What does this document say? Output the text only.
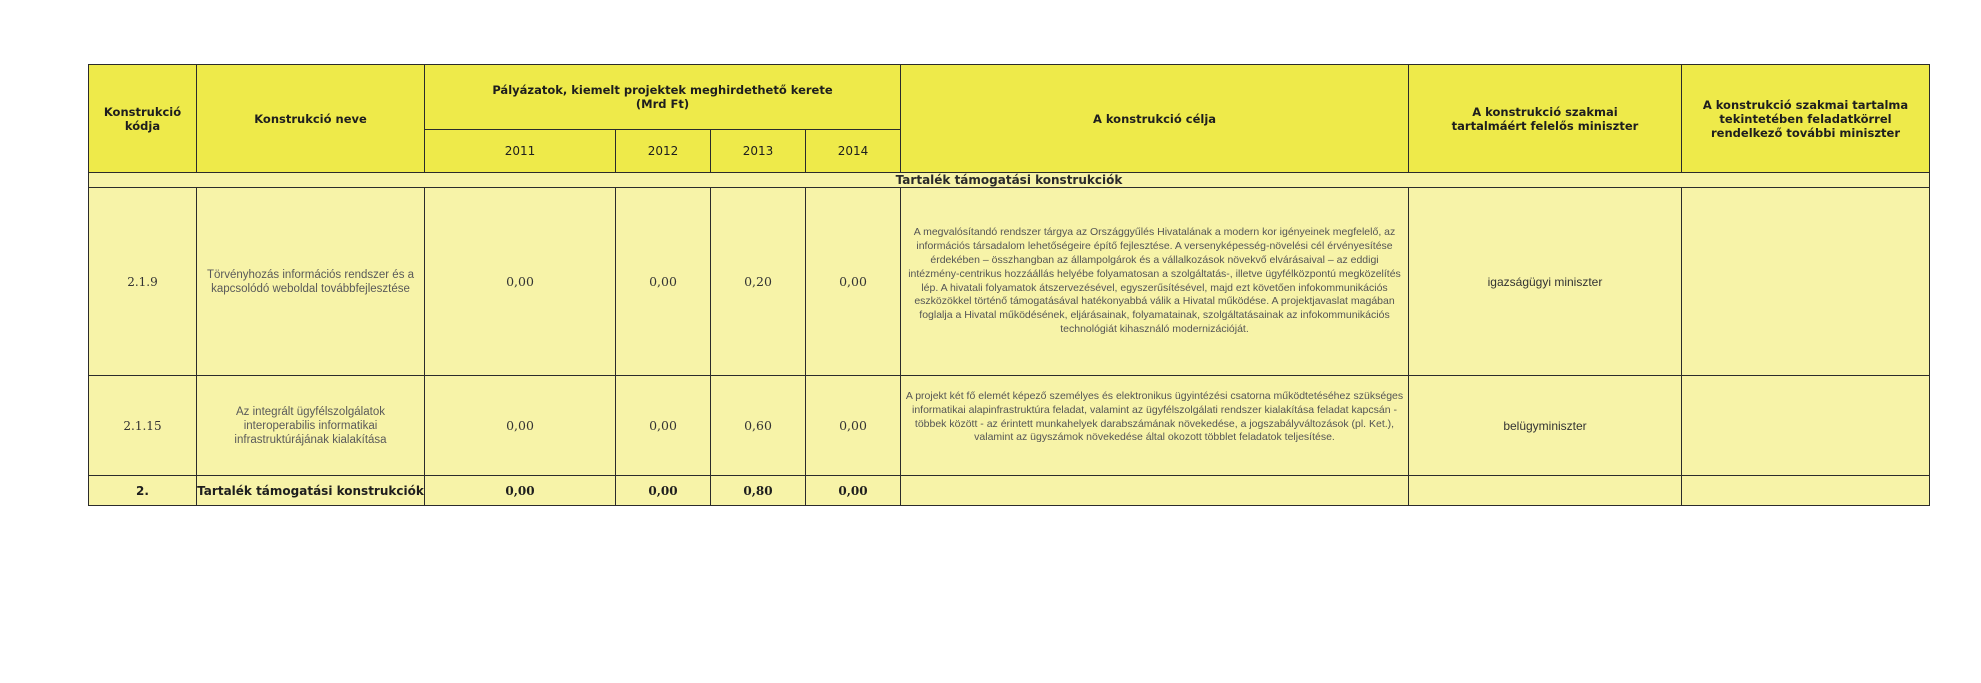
Konstrukció kódja	Konstrukció neve	Pályázatok, kiemelt projektek meghirdethető kerete (Mrd Ft)				A konstrukció célja	A konstrukció szakmai tartalmáért felelős miniszter	A konstrukció szakmai tartalma tekintetében feladatkörrel rendelkező további miniszter

		2011	2012	2013	2014			
Tartalék támogatási konstrukciók								
2.1.9	Törvényhozás információs rendszer és a kapcsolódó weboldal továbbfejlesztése	0,00	0,00	0,20	0,00	A megvalósítandó rendszer tárgya az Országgyűlés Hivatalának a modern kor igényeinek megfelelő, az információs társadalom lehetőségeire építő fejlesztése. A versenyképesség-növelési cél érvényesítése érdekében – összhangban az állampolgárok és a vállalkozások növekvő elvárásaival – az eddigi intézmény-centrikus hozzáállás helyébe folyamatosan a szolgáltatás-, illetve ügyfélközpontú megközelítés lép. A hivatali folyamatok átszervezésével, egyszerűsítésével, majd ezt követően infokommunikációs eszközökkel történő támogatásával hatékonyabbá válik a Hivatal működése. A projektjavaslat magában foglalja a Hivatal működésének, eljárásainak, folyamatainak, szolgáltatásainak az infokommunikációs technológiát kihasználó modernizációját.	igazságügyi miniszter	
2.1.15	Az integrált ügyfélszolgálatok interoperabilis informatikai infrastruktúrájának kialakítása	0,00	0,00	0,60	0,00	A projekt két fő elemét képező személyes és elektronikus ügyintézési csatorna működtetéséhez szükséges informatikai alapinfrastruktúra feladat, valamint az ügyfélszolgálati rendszer kialakítása feladat kapcsán - többek között - az érintett munkahelyek darabszámának növekedése, a jogszabályváltozások (pl. Ket.), valamint az ügyszámok növekedése által okozott többlet feladatok teljesítése.	belügyminiszter	
2.	Tartalék támogatási konstrukciók	0,00	0,00	0,80	0,00			
